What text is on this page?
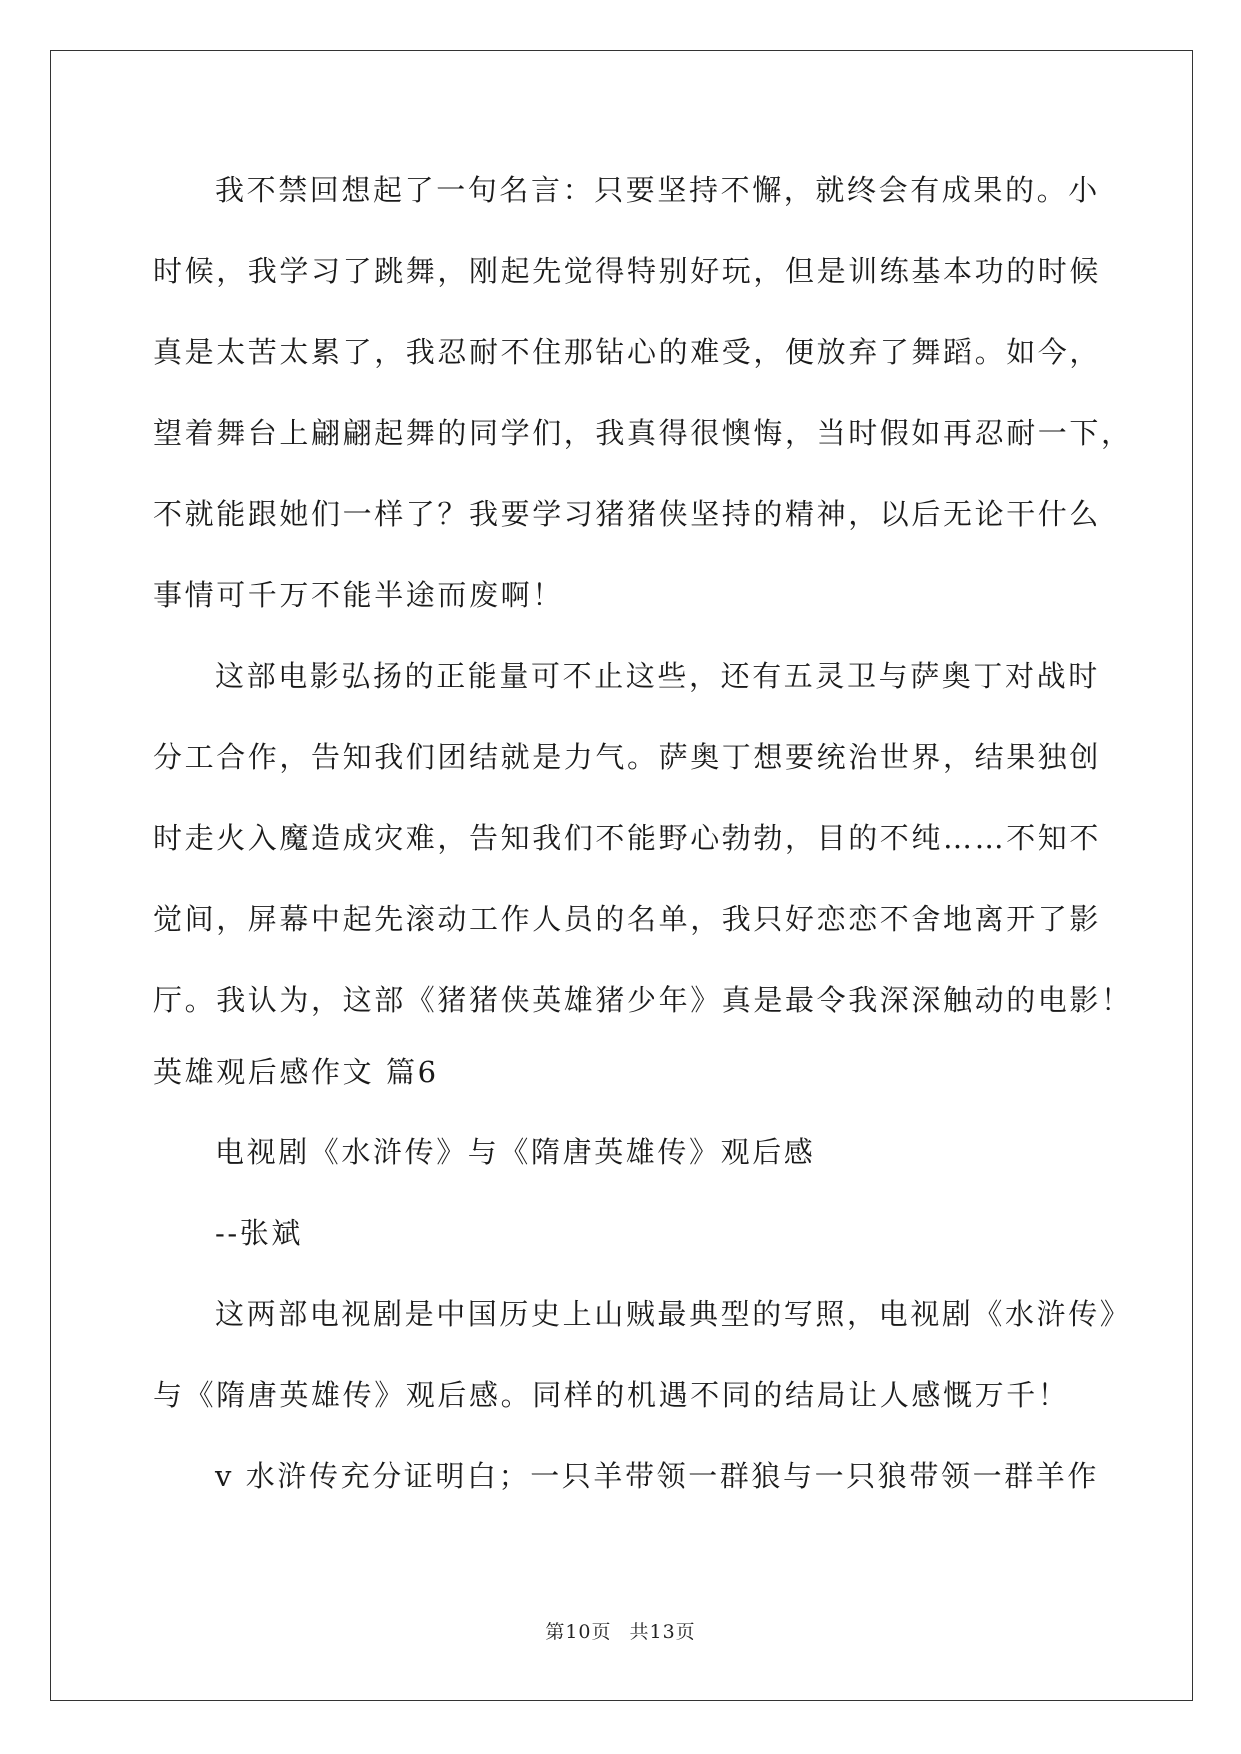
我不禁回想起了一句名言：只要坚持不懈，就终会有成果的。小
时候，我学习了跳舞，刚起先觉得特别好玩，但是训练基本功的时候
真是太苦太累了，我忍耐不住那钻心的难受，便放弃了舞蹈。如今，
望着舞台上翩翩起舞的同学们，我真得很懊悔，当时假如再忍耐一下，
不就能跟她们一样了？我要学习猪猪侠坚持的精神，以后无论干什么
事情可千万不能半途而废啊！
这部电影弘扬的正能量可不止这些，还有五灵卫与萨奥丁对战时
分工合作，告知我们团结就是力气。萨奥丁想要统治世界，结果独创
时走火入魔造成灾难，告知我们不能野心勃勃，目的不纯……不知不
觉间，屏幕中起先滚动工作人员的名单，我只好恋恋不舍地离开了影
厅。我认为，这部《猪猪侠英雄猪少年》真是最令我深深触动的电影！
英雄观后感作文 篇6
电视剧《水浒传》与《隋唐英雄传》观后感
--张斌
这两部电视剧是中国历史上山贼最典型的写照，电视剧《水浒传》
与《隋唐英雄传》观后感。同样的机遇不同的结局让人感慨万千！
v 水浒传充分证明白；一只羊带领一群狼与一只狼带领一群羊作
第10页 共13页
